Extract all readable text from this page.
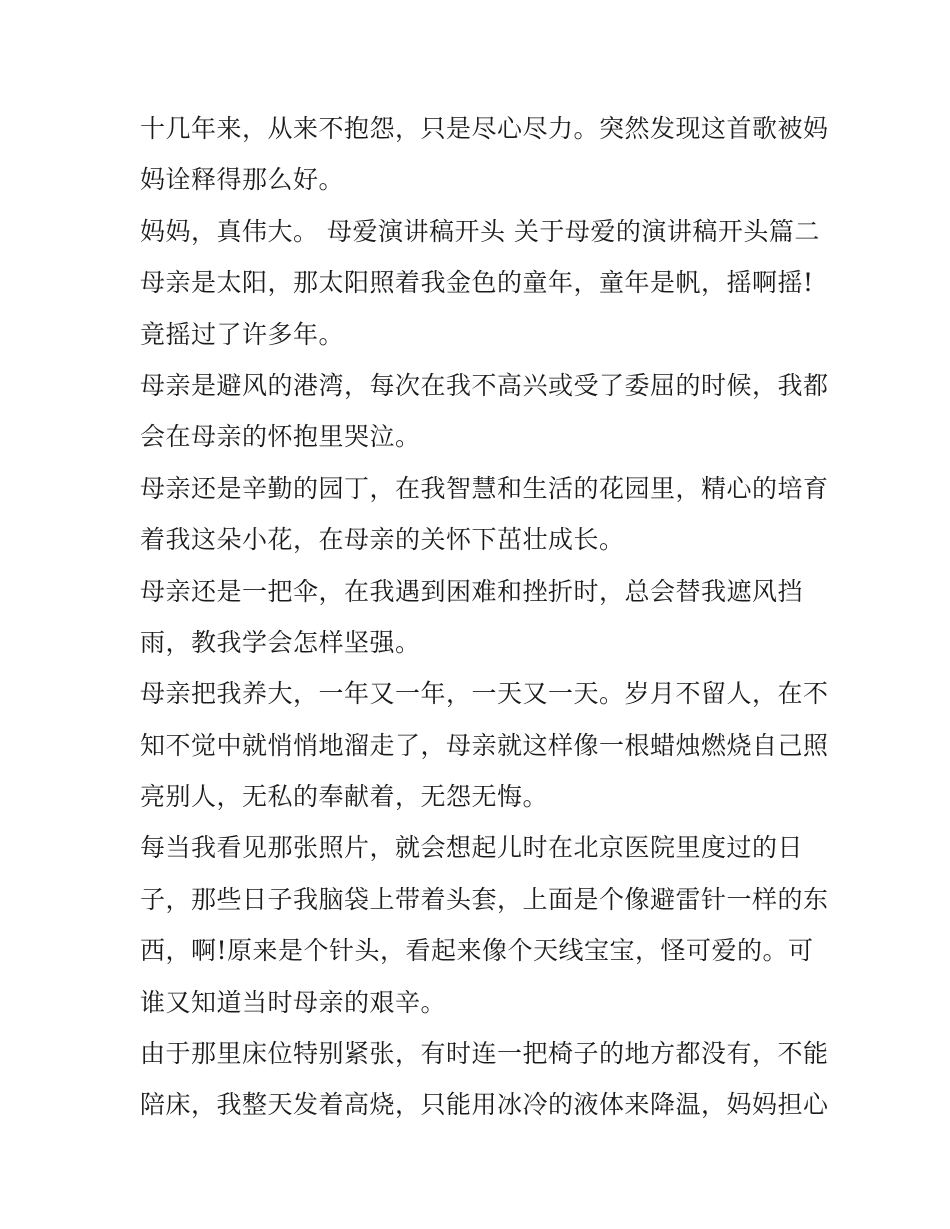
十几年来，从来不抱怨，只是尽心尽力。突然发现这首歌被妈
妈诠释得那么好。
妈妈，真伟大。 母爱演讲稿开头 关于母爱的演讲稿开头篇二
母亲是太阳，那太阳照着我金色的童年，童年是帆，摇啊摇!
竟摇过了许多年。
母亲是避风的港湾，每次在我不高兴或受了委屈的时候，我都
会在母亲的怀抱里哭泣。
母亲还是辛勤的园丁，在我智慧和生活的花园里，精心的培育
着我这朵小花，在母亲的关怀下茁壮成长。
母亲还是一把伞，在我遇到困难和挫折时，总会替我遮风挡
雨，教我学会怎样坚强。
母亲把我养大，一年又一年，一天又一天。岁月不留人，在不
知不觉中就悄悄地溜走了，母亲就这样像一根蜡烛燃烧自己照
亮别人，无私的奉献着，无怨无悔。
每当我看见那张照片，就会想起儿时在北京医院里度过的日
子，那些日子我脑袋上带着头套，上面是个像避雷针一样的东
西，啊!原来是个针头，看起来像个天线宝宝，怪可爱的。可
谁又知道当时母亲的艰辛。
由于那里床位特别紧张，有时连一把椅子的地方都没有，不能
陪床，我整天发着高烧，只能用冰冷的液体来降温，妈妈担心
